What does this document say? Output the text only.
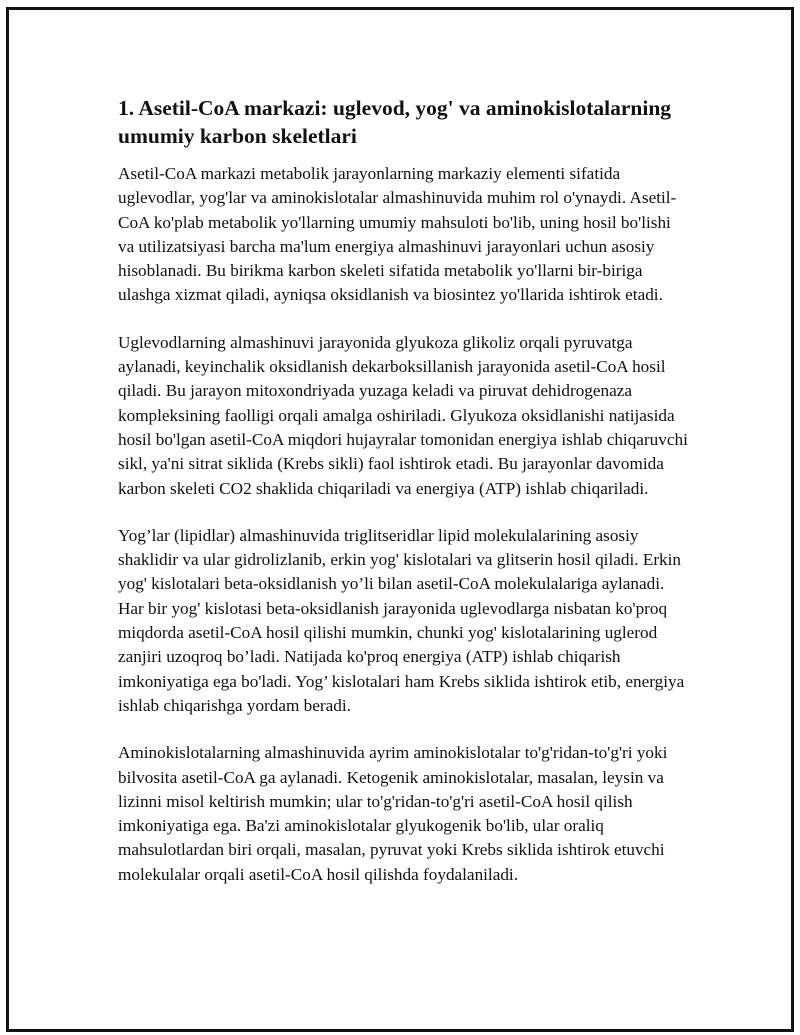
1. Asetil-CoA markazi: uglevod, yog' va aminokislotalarning umumiy karbon skeletlari

Asetil-CoA markazi metabolik jarayonlarning markaziy elementi sifatida uglevodlar, yog'lar va aminokislotalar almashinuvida muhim rol o'ynaydi. Asetil-CoA ko'plab metabolik yo'llarning umumiy mahsuloti bo'lib, uning hosil bo'lishi va utilizatsiyasi barcha ma'lum energiya almashinuvi jarayonlari uchun asosiy hisoblanadi. Bu birikma karbon skeleti sifatida metabolik yo'llarni bir-biriga ulashga xizmat qiladi, ayniqsa oksidlanish va biosintez yo'llarida ishtirok etadi.

Uglevodlarning almashinuvi jarayonida glyukoza glikoliz orqali pyruvatga aylanadi, keyinchalik oksidlanish dekarboksillanish jarayonida asetil-CoA hosil qiladi. Bu jarayon mitoxondriyada yuzaga keladi va piruvat dehidrogenaza kompleksining faolligi orqali amalga oshiriladi. Glyukoza oksidlanishi natijasida hosil bo'lgan asetil-CoA miqdori hujayralar tomonidan energiya ishlab chiqaruvchi sikl, ya'ni sitrat siklida (Krebs sikli) faol ishtirok etadi. Bu jarayonlar davomida karbon skeleti CO2 shaklida chiqariladi va energiya (ATP) ishlab chiqariladi.

Yog’lar (lipidlar) almashinuvida triglitseridlar lipid molekulalarining asosiy shaklidir va ular gidrolizlanib, erkin yog' kislotalari va glitserin hosil qiladi. Erkin yog' kislotalari beta-oksidlanish yo’li bilan asetil-CoA molekulalariga aylanadi. Har bir yog' kislotasi beta-oksidlanish jarayonida uglevodlarga nisbatan ko'proq miqdorda asetil-CoA hosil qilishi mumkin, chunki yog' kislotalarining uglerod zanjiri uzoqroq bo’ladi. Natijada ko'proq energiya (ATP) ishlab chiqarish imkoniyatiga ega bo'ladi. Yog’ kislotalari ham Krebs siklida ishtirok etib, energiya ishlab chiqarishga yordam beradi.

Aminokislotalarning almashinuvida ayrim aminokislotalar to'g'ridan-to'g'ri yoki bilvosita asetil-CoA ga aylanadi. Ketogenik aminokislotalar, masalan, leysin va lizinni misol keltirish mumkin; ular to'g'ridan-to'g'ri asetil-CoA hosil qilish imkoniyatiga ega. Ba'zi aminokislotalar glyukogenik bo'lib, ular oraliq mahsulotlardan biri orqali, masalan, pyruvat yoki Krebs siklida ishtirok etuvchi molekulalar orqali asetil-CoA hosil qilishda foydalaniladi.
